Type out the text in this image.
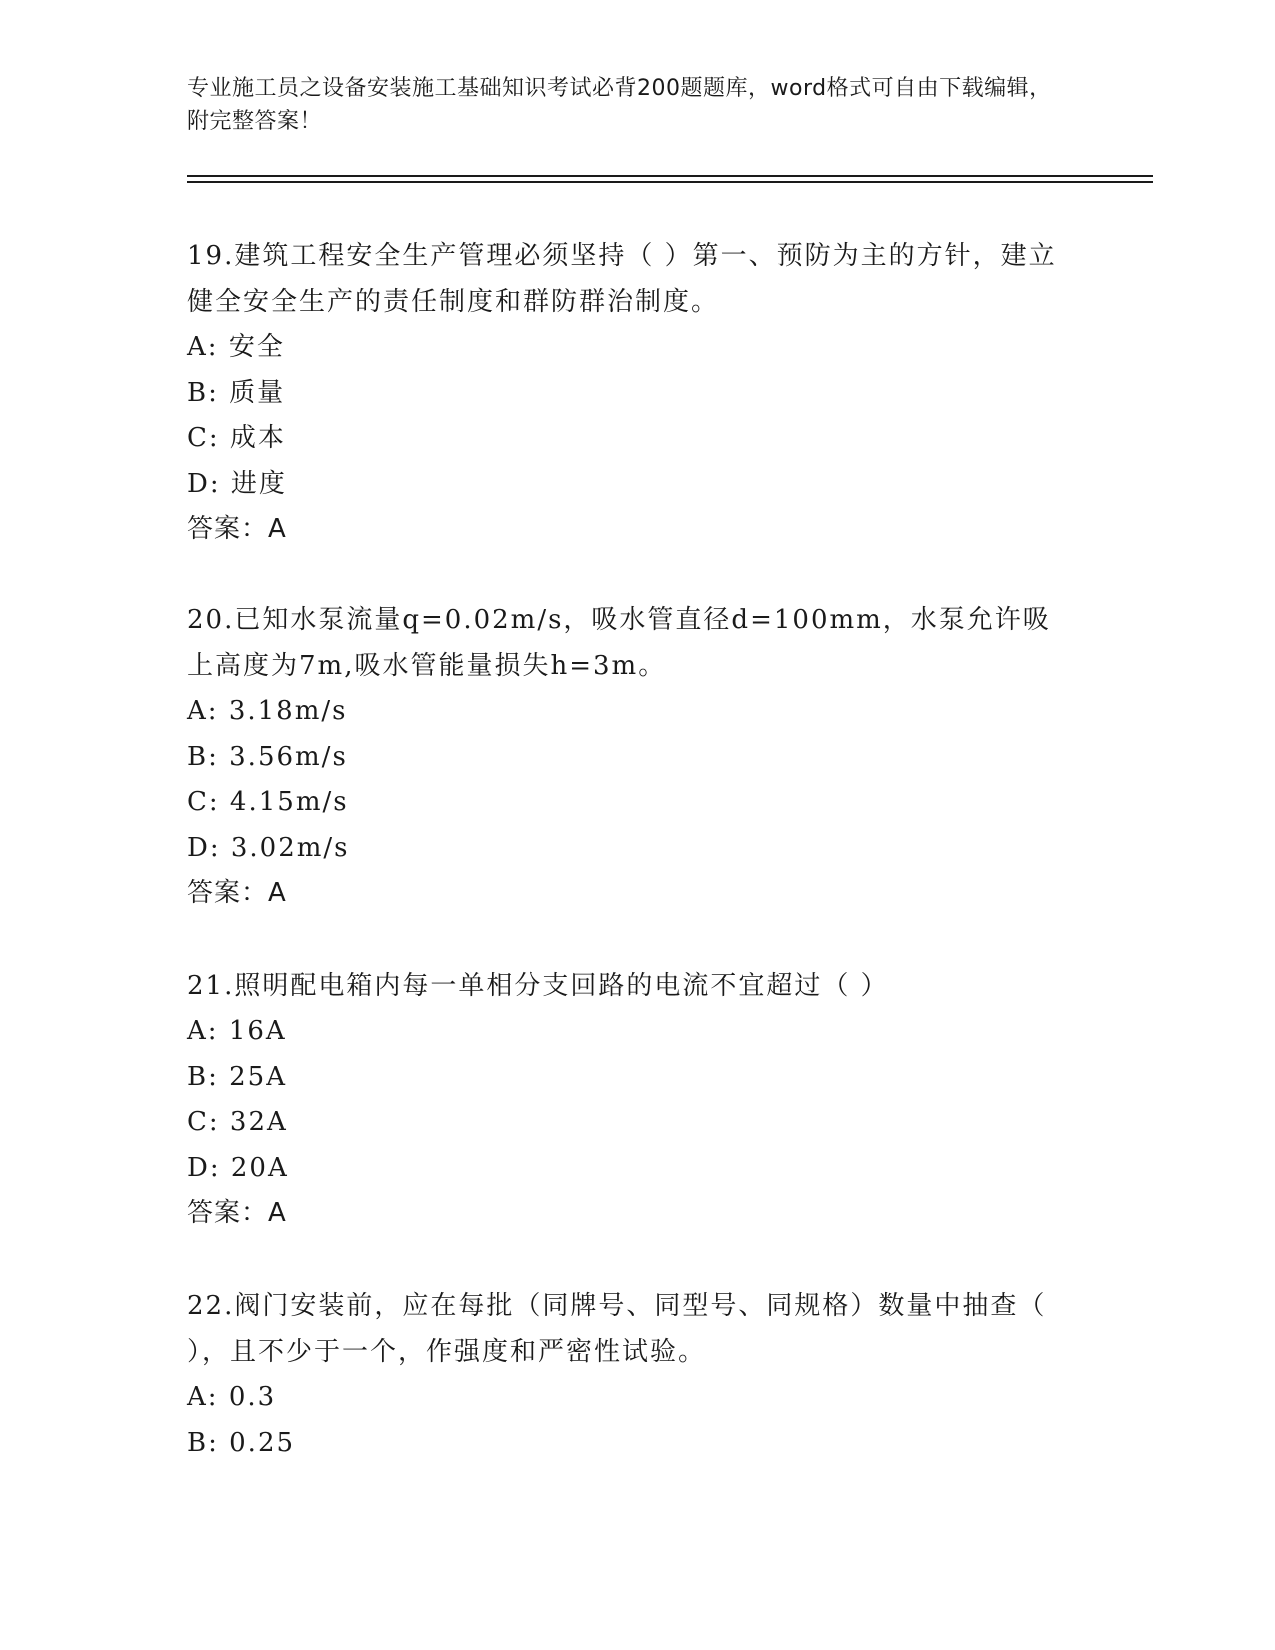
专业施工员之设备安装施工基础知识考试必背200题题库，word格式可自由下载编辑，附完整答案！

19.建筑工程安全生产管理必须坚持（ ）第一、预防为主的方针，建立健全安全生产的责任制度和群防群治制度。

A: 安全
B: 质量
C: 成本
D: 进度
答案：A

20.已知水泵流量q=0.02m/s，吸水管直径d=100mm，水泵允许吸上高度为7m,吸水管能量损失h=3m。

A: 3.18m/s
B: 3.56m/s
C: 4.15m/s
D: 3.02m/s
答案：A

21.照明配电箱内每一单相分支回路的电流不宜超过（ ）

A: 16A
B: 25A
C: 32A
D: 20A
答案：A

22.阀门安装前，应在每批（同牌号、同型号、同规格）数量中抽查（ ），且不少于一个，作强度和严密性试验。

A: 0.3
B: 0.25
